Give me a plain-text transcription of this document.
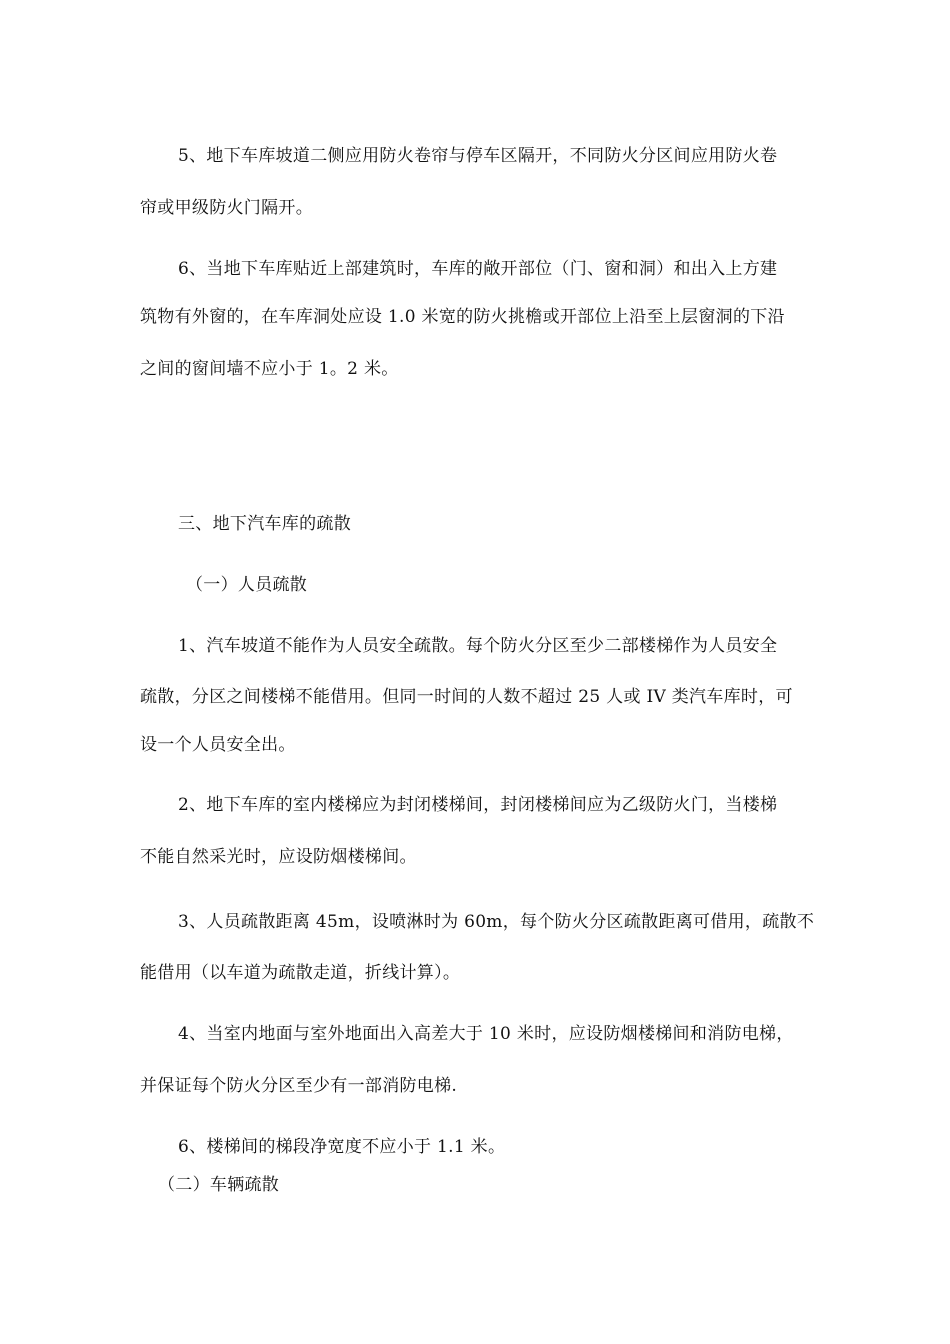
5、地下车库坡道二侧应用防火卷帘与停车区隔开，不同防火分区间应用防火卷
帘或甲级防火门隔开。
6、当地下车库贴近上部建筑时，车库的敞开部位（门、窗和洞）和出入上方建
筑物有外窗的，在车库洞处应设 1.0 米宽的防火挑檐或开部位上沿至上层窗洞的下沿
之间的窗间墙不应小于 1。2 米。
三、地下汽车库的疏散
（一）人员疏散
1、汽车坡道不能作为人员安全疏散。每个防火分区至少二部楼梯作为人员安全
疏散，分区之间楼梯不能借用。但同一时间的人数不超过 25 人或 IV 类汽车库时，可
设一个人员安全出。
2、地下车库的室内楼梯应为封闭楼梯间，封闭楼梯间应为乙级防火门，当楼梯
不能自然采光时，应设防烟楼梯间。
3、人员疏散距离 45m，设喷淋时为 60m，每个防火分区疏散距离可借用，疏散不
能借用（以车道为疏散走道，折线计算）。
4、当室内地面与室外地面出入高差大于 10 米时，应设防烟楼梯间和消防电梯，
并保证每个防火分区至少有一部消防电梯.
6、楼梯间的梯段净宽度不应小于 1.1 米。
（二）车辆疏散
